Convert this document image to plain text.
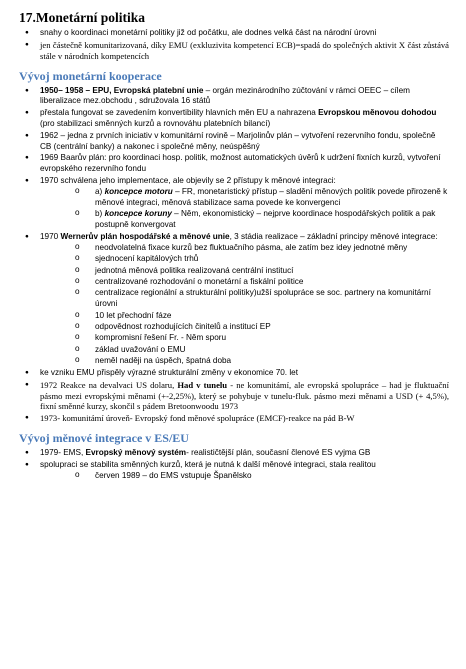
17.Monetární politika
● snahy o koordinaci monetární politiky již od počátku, ale dodnes velká část na národní úrovni
● jen částečně komunitarizovaná, díky EMU (exkluzivita kompetencí ECB)=spadá do společných aktivit X část zůstává stále v národních kompetencích
Vývoj monetární kooperace
● 1950– 1958 – EPU, Evropská platební unie – orgán mezinárodního zúčtování v rámci OEEC – cílem liberalizace mez.obchodu , sdružovala 16 států
● přestala fungovat se zavedením konvertibility hlavních měn EU a nahrazena Evropskou měnovou dohodou (pro stabilizaci směnných kurzů a rovnováhu platebních bilancí)
● 1962 – jedna z prvních iniciativ v komunitární rovině – Marjolinův plán – vytvoření rezervního fondu, společně CB (centrální banky) a nakonec i společné měny, neúspěšný
● 1969 Baarův plán: pro koordinaci hosp. politik, možnost automatických úvěrů k udržení fixních kurzů, vytvoření evropského rezervního fondu
● 1970 schválena jeho implementace, ale objevily se 2 přístupy k měnové integraci:
o a) koncepce motoru – FR, monetaristický přístup – sladění měnových politik povede přirozeně k měnové integraci, měnová stabilizace sama povede ke konvergenci
o b) koncepce koruny – Něm, ekonomistický – nejprve koordinace hospodářských politik a pak postupně konvergovat
● 1970 Wernerův plán hospodářské a měnové unie, 3 stádia realizace – základní principy měnové integrace:
o neodvolatelná fixace kurzů bez fluktuačního pásma, ale zatím bez idey jednotné měny
o sjednocení kapitálových trhů
o jednotná měnová politika realizovaná centrální institucí
o centralizované rozhodování o monetární a fiskální politice
o centralizace regionální a strukturální politiky)užší spolupráce se soc. partnery na komunitární úrovni
o 10 let přechodní fáze
o odpovědnost rozhodujících činitelů a institucí EP
o kompromisní řešení Fr. - Něm sporu
o základ uvažování o EMU
o neměl naději na úspěch, špatná doba
● ke vzniku EMU přispěly výrazné strukturální změny v ekonomice 70. let
● 1972 Reakce na devalvaci US dolaru, Had v tunelu - ne komunitámí, ale evropská spolupráce – had je fluktuační pásmo mezi evropskými měnami (+-2,25%), který se pohybuje v tunelu-fluk. pásmo mezi měnami a USD (+ 4,5%), fixní směnné kurzy, skončil s pádem Bretoonwoodu 1973
● 1973- komunitámí úroveň- Evropský fond měnové spolupráce (EMCF)-reakce na pád B-W
Vývoj měnové integrace v ES/EU
● 1979- EMS, Evropský měnový systém- realističtější plán, současní členové ES vyjma GB
● spolupraci se stabilita směnných kurzů, která je nutná k další měnové integraci, stala realitou
o červen 1989 – do EMS vstupuje Španělsko
